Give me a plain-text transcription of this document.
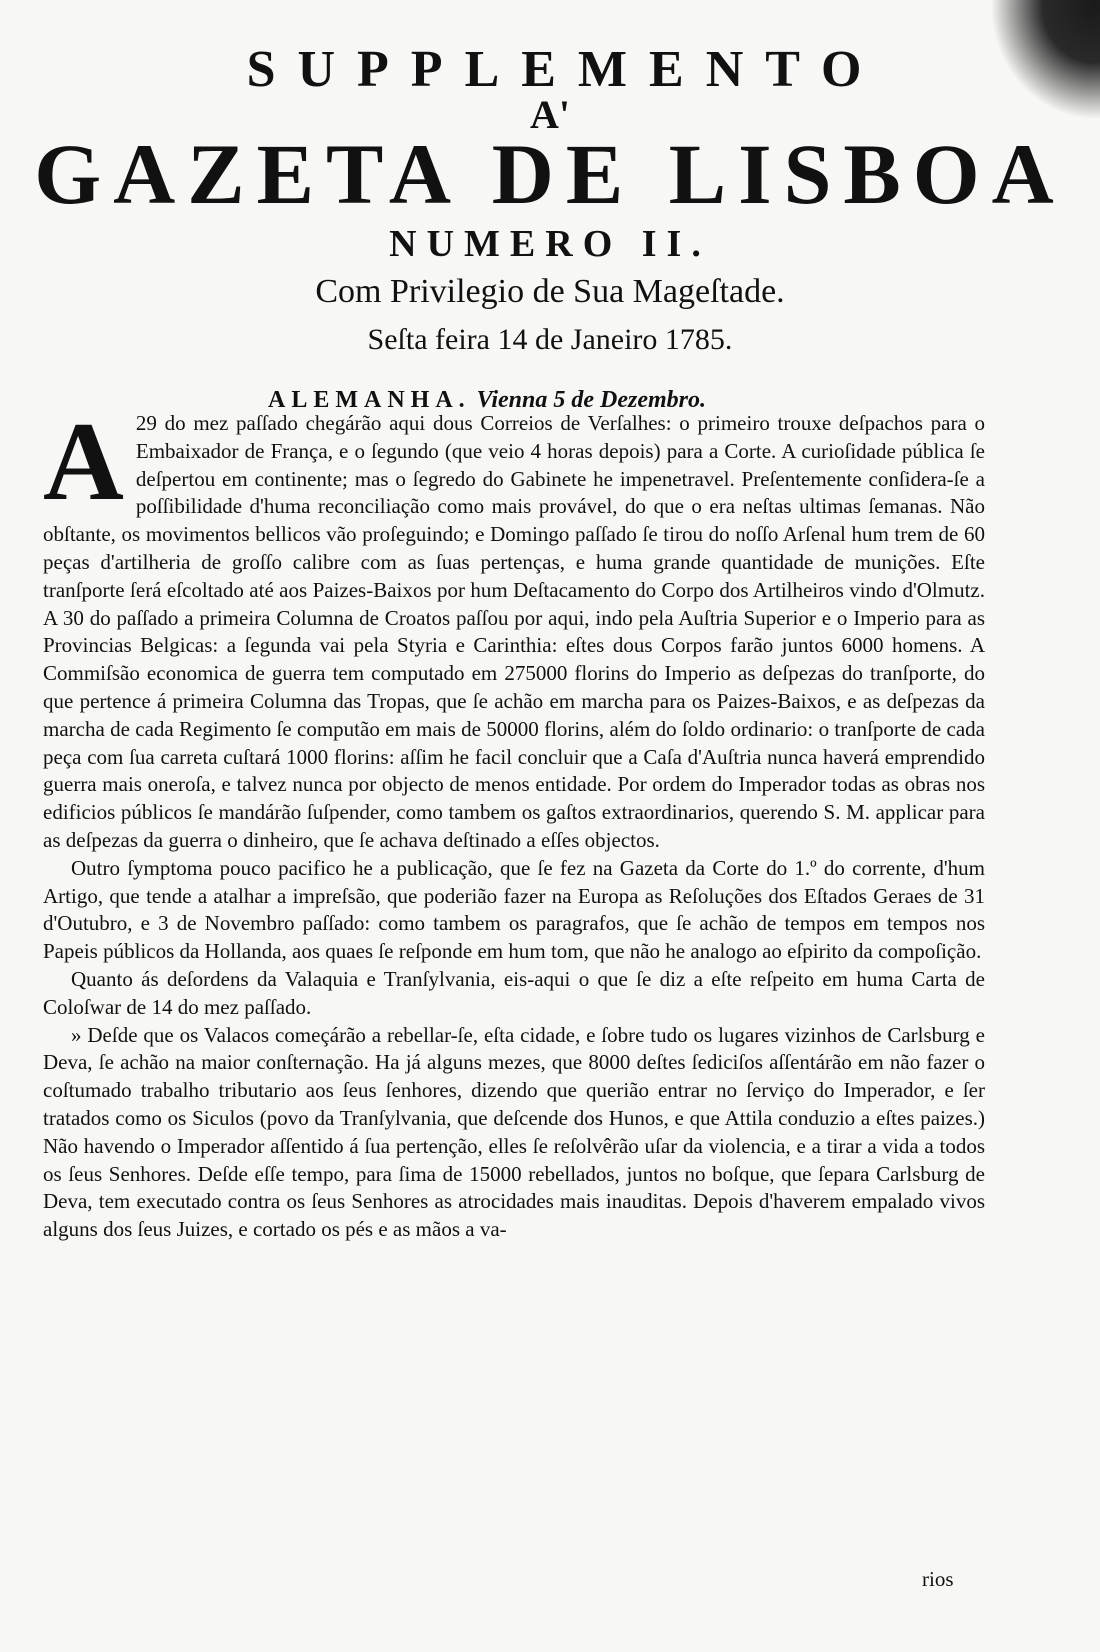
SUPPLEMENTO
A'
GAZETA DE LISBOA
NUMERO II.
Com Privilegio de Sua Mageſtade.
Seſta feira 14 de Janeiro 1785.
ALEMANHA. Vienna 5 de Dezembro.

A 29 do mez paſſado chegárão aqui dous Correios de Verſalhes: o primeiro trouxe deſpachos para o Embaixador de França, e o ſegundo (que veio 4 horas depois) para a Corte. A curioſidade pública ſe deſpertou em continente; mas o ſegredo do Gabinete he impenetravel. Preſentemente conſidera-ſe a poſſibilidade d'huma reconciliação como mais provável, do que o era neſtas ultimas ſemanas. Não obſtante, os movimentos bellicos vão proſeguindo; e Domingo paſſado ſe tirou do noſſo Arſenal hum trem de 60 peças d'artilheria de groſſo calibre com as ſuas pertenças, e huma grande quantidade de munições. Eſte tranſporte ſerá eſcoltado até aos Paizes-Baixos por hum Deſtacamento do Corpo dos Artilheiros vindo d'Olmutz. A 30 do paſſado a primeira Columna de Croatos paſſou por aqui, indo pela Auſtria Superior e o Imperio para as Provincias Belgicas: a ſegunda vai pela Styria e Carinthia: eſtes dous Corpos farão juntos 6000 homens. A Commiſsão economica de guerra tem computado em 275000 florins do Imperio as deſpezas do tranſporte, do que pertence á primeira Columna das Tropas, que ſe achão em marcha para os Paizes-Baixos, e as deſpezas da marcha de cada Regimento ſe computão em mais de 50000 florins, além do ſoldo ordinario: o tranſporte de cada peça com ſua carreta cuſtará 1000 florins: aſſim he facil concluir que a Caſa d'Auſtria nunca haverá emprendido guerra mais oneroſa, e talvez nunca por objecto de menos entidade. Por ordem do Imperador todas as obras nos edificios públicos ſe mandárão ſuſpender, como tambem os gaſtos extraordinarios, querendo S. M. applicar para as deſpezas da guerra o dinheiro, que ſe achava deſtinado a eſſes objectos.

Outro ſymptoma pouco pacifico he a publicação, que ſe fez na Gazeta da Corte do 1.º do corrente, d'hum Artigo, que tende a atalhar a impreſsão, que poderião fazer na Europa as Reſoluções dos Eſtados Geraes de 31 d'Outubro, e 3 de Novembro paſſado: como tambem os paragrafos, que ſe achão de tempos em tempos nos Papeis públicos da Hollanda, aos quaes ſe reſponde em hum tom, que não he analogo ao eſpirito da compoſição.

Quanto ás deſordens da Valaquia e Tranſylvania, eis-aqui o que ſe diz a eſte reſpeito em huma Carta de Coloſwar de 14 do mez paſſado.

» Deſde que os Valacos começárão a rebellar-ſe, eſta cidade, e ſobre tudo os lugares vizinhos de Carlsburg e Deva, ſe achão na maior conſternação. Ha já alguns mezes, que 8000 deſtes ſediciſos aſſentárão em não fazer o coſtumado trabalho tributario aos ſeus ſenhores, dizendo que querião entrar no ſerviço do Imperador, e ſer tratados como os Siculos (povo da Tranſylvania, que deſcende dos Hunos, e que Attila conduzio a eſtes paizes.) Não havendo o Imperador aſſentido á ſua pertenção, elles ſe reſolvêrão uſar da violencia, e a tirar a vida a todos os ſeus Senhores. Deſde eſſe tempo, para ſima de 15000 rebellados, juntos no boſque, que ſepara Carlsburg de Deva, tem executado contra os ſeus Senhores as atrocidades mais inauditas. Depois d'haverem empalado vivos alguns dos ſeus Juizes, e cortado os pés e as mãos a va-

rios
